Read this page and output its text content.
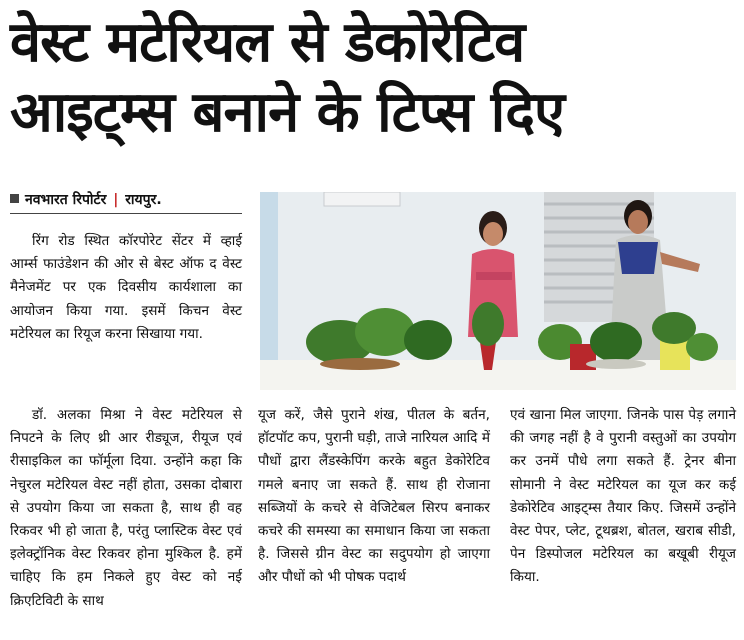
वेस्ट मटेरियल से डेकोरेटिव
आइट्म्स बनाने के टिप्स दिए
नवभारत रिपोर्टर | रायपुर.

रिंग रोड स्थित कॉरपोरेट सेंटर में व्हाई आर्म्स फाउंडेशन की ओर से बेस्ट ऑफ द वेस्ट मैनेजमेंट पर एक दिवसीय कार्यशाला का आयोजन किया गया. इसमें किचन वेस्ट मटेरियल का रियूज करना सिखाया गया.

डॉ. अलका मिश्रा ने वेस्ट मटेरियल से निपटने के लिए थ्री आर रीड्यूज, रीयूज एवं रीसाइकिल का फॉर्मूला दिया. उन्होंने कहा कि नेचुरल मटेरियल वेस्ट नहीं होता, उसका दोबारा से उपयोग किया जा सकता है, साथ ही वह रिकवर भी हो जाता है, परंतु प्लास्टिक वेस्ट एवं इलेक्ट्रॉनिक वेस्ट रिकवर होना मुश्किल है. हमें चाहिए कि हम निकले हुए वेस्ट को नई क्रिएटिविटी के साथ

यूज करें, जैसे पुराने शंख, पीतल के बर्तन, हॉटपॉट कप, पुरानी घड़ी, ताजे नारियल आदि में पौधों द्वारा लैंडस्केपिंग करके बहुत डेकोरेटिव गमले बनाए जा सकते हैं. साथ ही रोजाना सब्जियों के कचरे से वेजिटेबल सिरप बनाकर कचरे की समस्या का समाधान किया जा सकता है. जिससे ग्रीन वेस्ट का सदुपयोग हो जाएगा और पौधों को भी पोषक पदार्थ

एवं खाना मिल जाएगा. जिनके पास पेड़ लगाने की जगह नहीं है वे पुरानी वस्तुओं का उपयोग कर उनमें पौधे लगा सकते हैं. ट्रेनर बीना सोमानी ने वेस्ट मटेरियल का यूज कर कई डेकोरेटिव आइट्म्स तैयार किए. जिसमें उन्होंने वेस्ट पेपर, प्लेट, टूथब्रश, बोतल, खराब सीडी, पेन डिस्पोजल मटेरियल का बखूबी रीयूज किया.
